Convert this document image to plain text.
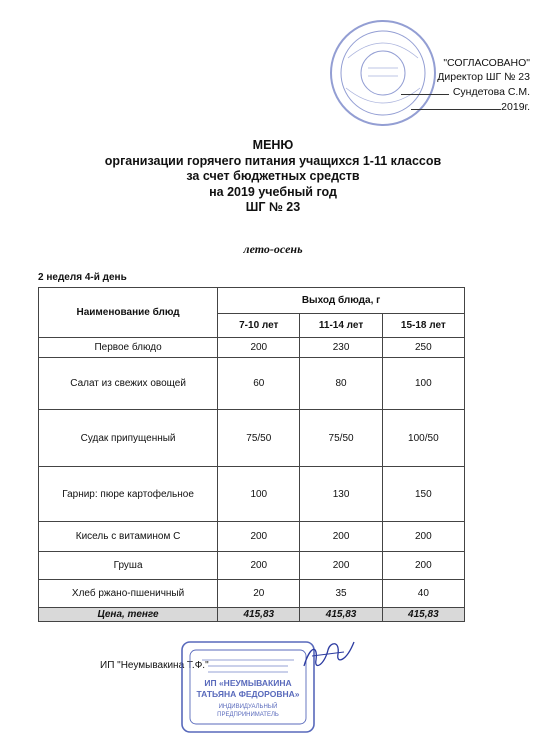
"СОГЛАСОВАНО"
Директор ШГ № 23
Сундетова С.М.
2019г.
МЕНЮ
организации горячего питания учащихся 1-11 классов
за счет бюджетных средств
на 2019 учебный год
ШГ № 23
лето-осень
2 неделя 4-й день
Наименование блюд	Выход блюда, г		
	7-10 лет	11-14 лет	15-18 лет
Первое блюдо	200	230	250
Салат из свежих овощей	60	80	100
Судак припущенный	75/50	75/50	100/50
Гарнир: пюре картофельное	100	130	150
Кисель с витамином С	200	200	200
Груша	200	200	200
Хлеб ржано-пшеничный	20	35	40
Цена, тенге	415,83	415,83	415,83
ИП "Неумывакина Т.Ф."
ИП «НЕУМЫВАКИНА
ТАТЬЯНА ФЕДОРОВНА»
ИНДИВИДУАЛЬНЫЙ
ПРЕДПРИНИМАТЕЛЬ
